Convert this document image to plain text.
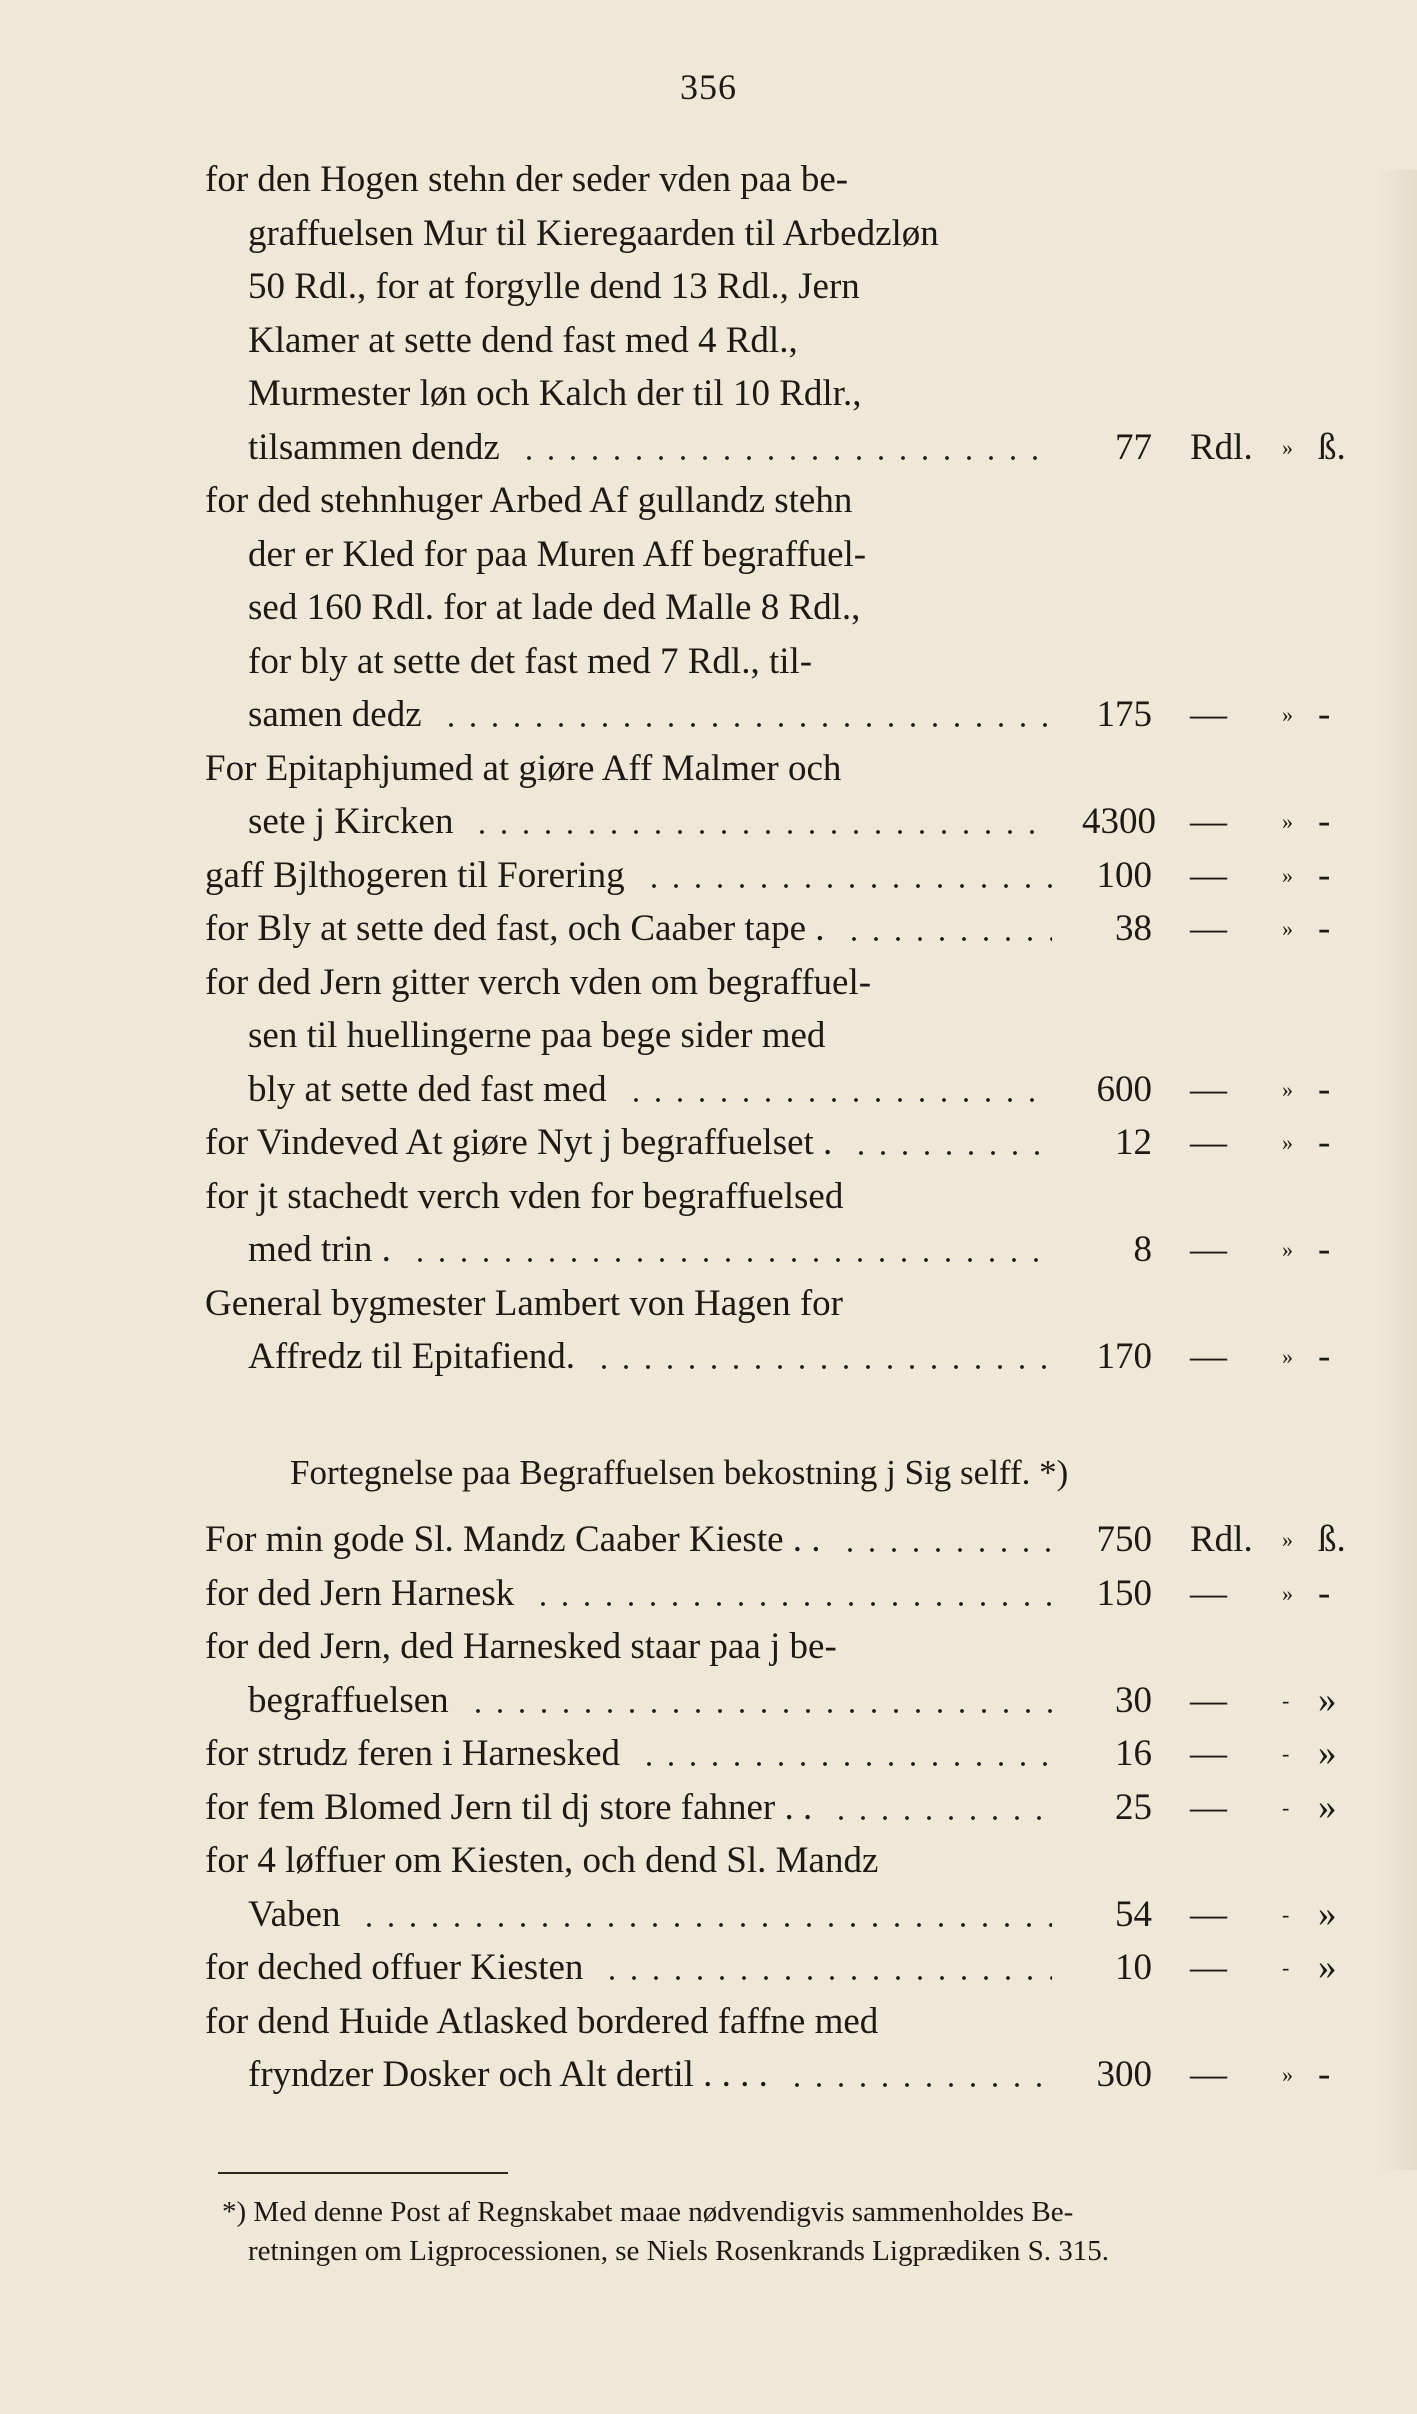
356
for den Hogen stehn der seder vden paa be-
graffuelsen Mur til Kieregaarden til Arbedzløn
50 Rdl., for at forgylle dend 13 Rdl., Jern
Klamer at sette dend fast med 4 Rdl.,
Murmester løn och Kalch der til 10 Rdlr.,
tilsammen dendz	77 Rdl. » ß.
for ded stehnhuger Arbed Af gullandz stehn
der er Kled for paa Muren Aff begraffuel-
sed 160 Rdl. for at lade ded Malle 8 Rdl.,
for bly at sette det fast med 7 Rdl., til-
samen dedz	175 —	» -
For Epitaphjumed at giøre Aff Malmer och
sete j Kircken	4300 —	» -
gaff Bjlthogeren til Forering	100 —	» -
for Bly at sette ded fast, och Caaber tape .	38 —	» -
for ded Jern gitter verch vden om begraffuel-
sen til huellingerne paa bege sider med
bly at sette ded fast med	600 —	» -
for Vindeved At giøre Nyt j begraffuelset .	12 —	» -
for jt stachedt verch vden for begraffuelsed
med trin .	8 —	» -
General bygmester Lambert von Hagen for
Affredz til Epitafiend.	170 —	» -
For min gode Sl. Mandz Caaber Kieste . .	750 Rdl. » ß.
for ded Jern Harnesk	150 —	» -
for ded Jern, ded Harnesked staar paa j be-
begraffuelsen	30 —	- »
for strudz feren i Harnesked	16 —	- »
for fem Blomed Jern til dj store fahner . .	25 —	- »
for 4 løffuer om Kiesten, och dend Sl. Mandz
Vaben	54 —	- »
for deched offuer Kiesten	10 —	- »
for dend Huide Atlasked bordered faffne med
fryndzer Dosker och Alt dertil . . . .	300 —	» -
Fortegnelse paa Begraffuelsen bekostning j Sig selff. *)
*) Med denne Post af Regnskabet maae nødvendigvis sammenholdes Be-
retningen om Ligprocessionen, se Niels Rosenkrands Ligprædiken S. 315.
